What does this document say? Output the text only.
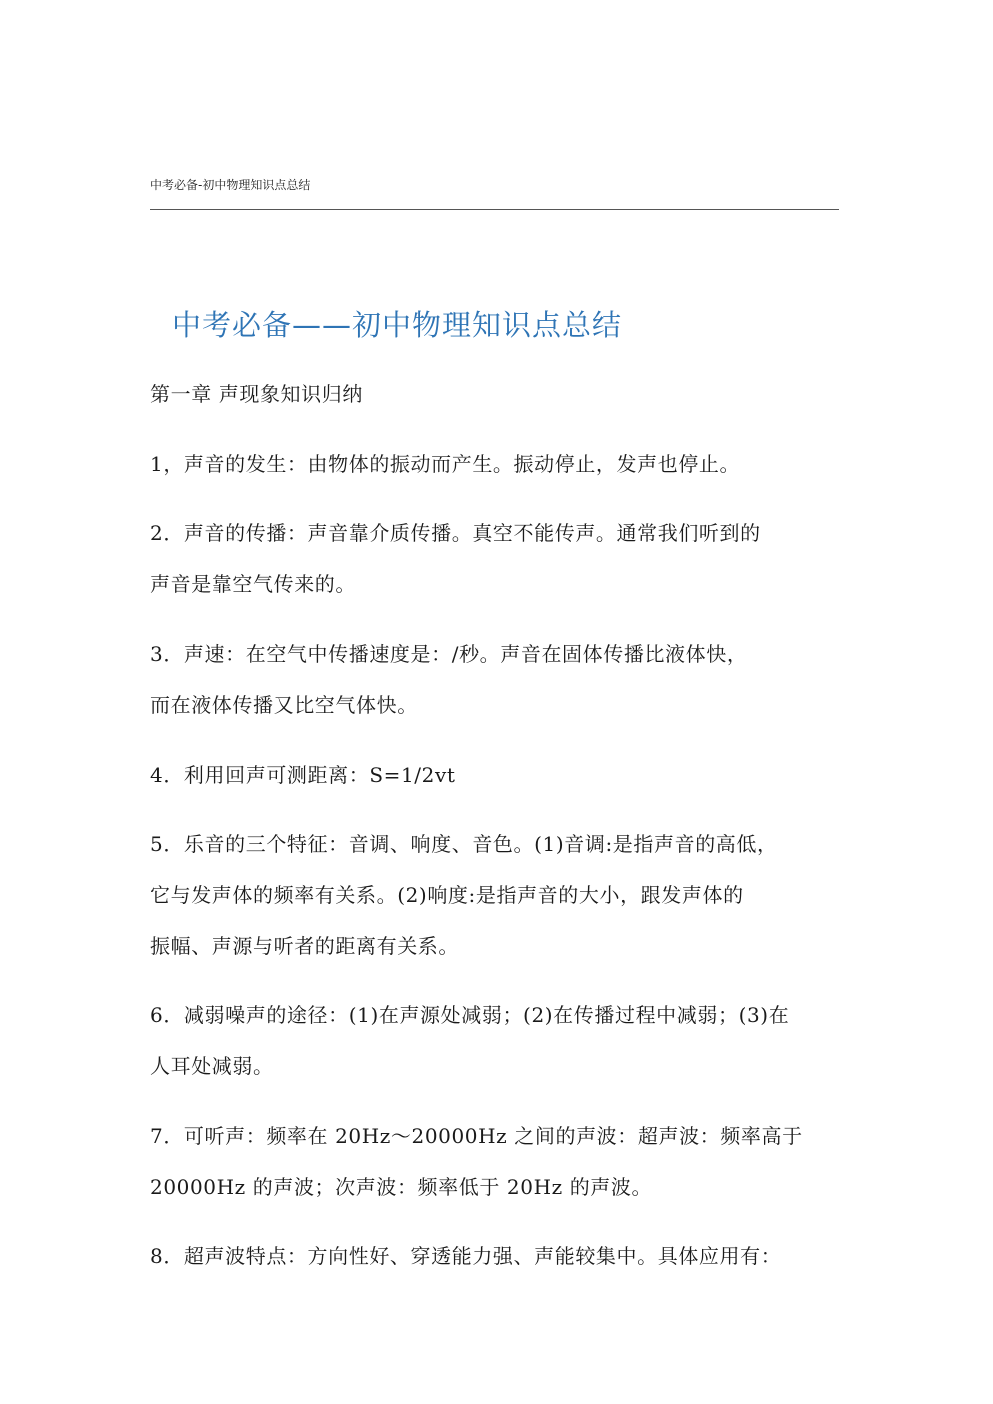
中考必备-初中物理知识点总结
中考必备——初中物理知识点总结
第一章 声现象知识归纳
1，声音的发生：由物体的振动而产生。振动停止，发声也停止。
2．声音的传播：声音靠介质传播。真空不能传声。通常我们听到的
声音是靠空气传来的。
3．声速：在空气中传播速度是：/秒。声音在固体传播比液体快，
而在液体传播又比空气体快。
4．利用回声可测距离：S=1/2vt
5．乐音的三个特征：音调、响度、音色。(1)音调:是指声音的高低，
它与发声体的频率有关系。(2)响度:是指声音的大小，跟发声体的
振幅、声源与听者的距离有关系。
6．减弱噪声的途径：(1)在声源处减弱；(2)在传播过程中减弱；(3)在
人耳处减弱。
7．可听声：频率在 20Hz～20000Hz 之间的声波：超声波：频率高于
20000Hz 的声波；次声波：频率低于 20Hz 的声波。
8．超声波特点：方向性好、穿透能力强、声能较集中。具体应用有：
